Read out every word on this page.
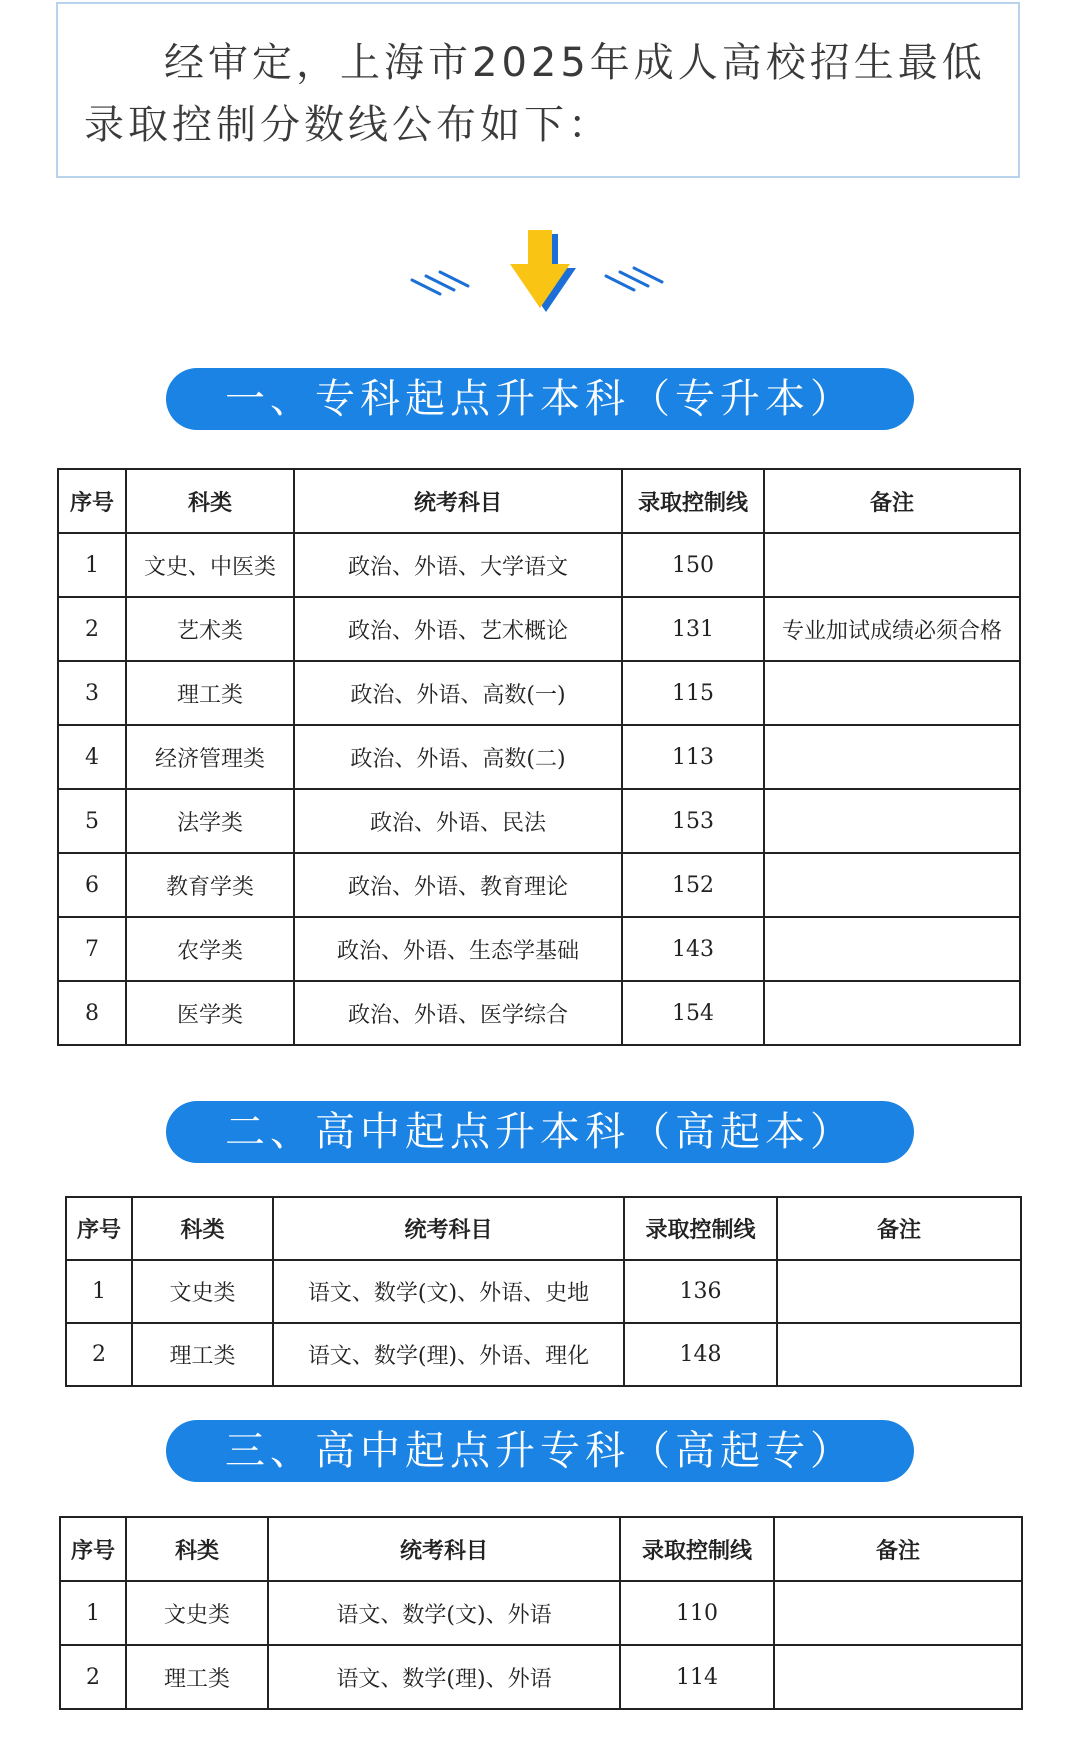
经审定，上海市2025年成人高校招生最低录取控制分数线公布如下：

一、专科起点升本科（专升本）
序号	科类	统考科目	录取控制线	备注
1	文史、中医类	政治、外语、大学语文	150	
2	艺术类	政治、外语、艺术概论	131	专业加试成绩必须合格
3	理工类	政治、外语、高数(一)	115	
4	经济管理类	政治、外语、高数(二)	113	
5	法学类	政治、外语、民法	153	
6	教育学类	政治、外语、教育理论	152	
7	农学类	政治、外语、生态学基础	143	
8	医学类	政治、外语、医学综合	154	
二、高中起点升本科（高起本）
序号	科类	统考科目	录取控制线	备注
1	文史类	语文、数学(文)、外语、史地	136	
2	理工类	语文、数学(理)、外语、理化	148	
三、高中起点升专科（高起专）
序号	科类	统考科目	录取控制线	备注
1	文史类	语文、数学(文)、外语	110	
2	理工类	语文、数学(理)、外语	114	
